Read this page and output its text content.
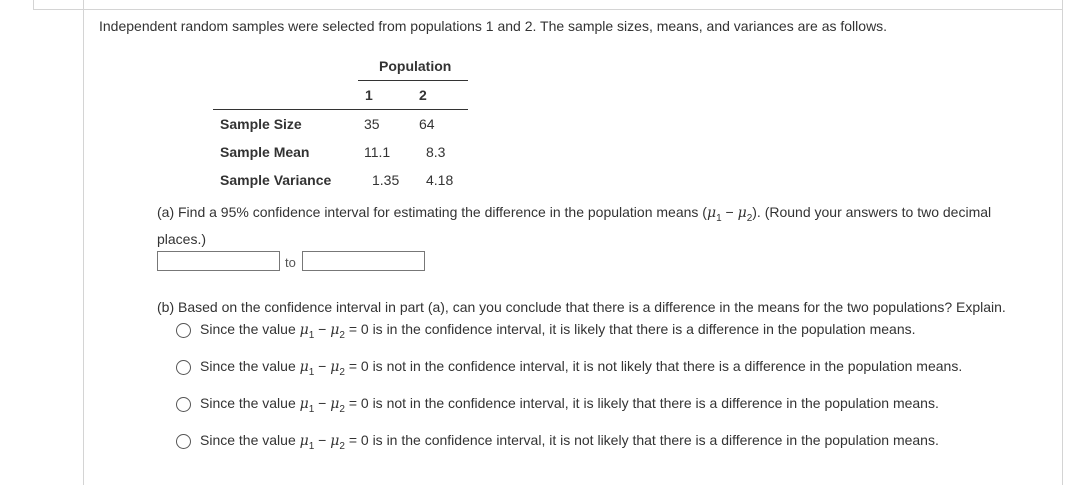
Independent random samples were selected from populations 1 and 2. The sample sizes, means, and variances are as follows.
Population
1	2
Sample Size	35	64
Sample Mean	11.1	8.3
Sample Variance	1.35 4.18
(a) Find a 95% confidence interval for estimating the difference in the population means $(\mu_1 - \mu_2)$. (Round your answers to two decimal
places.)
to
(b) Based on the confidence interval in part (a), can you conclude that there is a difference in the means for the two populations? Explain.
Since the value $\mu_1 - \mu_2 = 0$ is in the confidence interval, it is likely that there is a difference in the population means.
Since the value $\mu_1 - \mu_2 = 0$ is not in the confidence interval, it is not likely that there is a difference in the population means.
Since the value $\mu_1 - \mu_2 = 0$ is not in the confidence interval, it is likely that there is a difference in the population means.
Since the value $\mu_1 - \mu_2 = 0$ is in the confidence interval, it is not likely that there is a difference in the population means.
